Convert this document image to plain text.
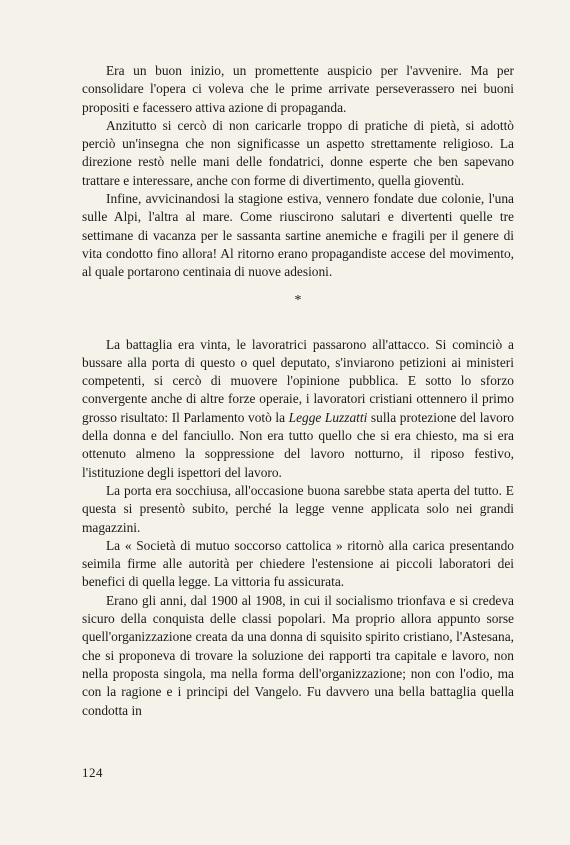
Era un buon inizio, un promettente auspicio per l'avvenire. Ma per consolidare l'opera ci voleva che le prime arrivate perseverassero nei buoni propositi e facessero attiva azione di propaganda.

Anzitutto si cercò di non caricarle troppo di pratiche di pietà, si adottò perciò un'insegna che non significasse un aspetto strettamente religioso. La direzione restò nelle mani delle fondatrici, donne esperte che ben sapevano trattare e interessare, anche con forme di divertimento, quella gioventù.

Infine, avvicinandosi la stagione estiva, vennero fondate due colonie, l'una sulle Alpi, l'altra al mare. Come riuscirono salutari e divertenti quelle tre settimane di vacanza per le sassanta sartine anemiche e fragili per il genere di vita condotto fino allora! Al ritorno erano propagandiste accese del movimento, al quale portarono centinaia di nuove adesioni.

*

La battaglia era vinta, le lavoratrici passarono all'attacco. Si cominciò a bussare alla porta di questo o quel deputato, s'inviarono petizioni ai ministeri competenti, si cercò di muovere l'opinione pubblica. E sotto lo sforzo convergente anche di altre forze operaie, i lavoratori cristiani ottennero il primo grosso risultato: Il Parlamento votò la Legge Luzzatti sulla protezione del lavoro della donna e del fanciullo. Non era tutto quello che si era chiesto, ma si era ottenuto almeno la soppressione del lavoro notturno, il riposo festivo, l'istituzione degli ispettori del lavoro.

La porta era socchiusa, all'occasione buona sarebbe stata aperta del tutto. E questa si presentò subito, perché la legge venne applicata solo nei grandi magazzini.

La « Società di mutuo soccorso cattolica » ritornò alla carica presentando seimila firme alle autorità per chiedere l'estensione ai piccoli laboratori dei benefici di quella legge. La vittoria fu assicurata.

Erano gli anni, dal 1900 al 1908, in cui il socialismo trionfava e si credeva sicuro della conquista delle classi popolari. Ma proprio allora appunto sorse quell'organizzazione creata da una donna di squisito spirito cristiano, l'Astesana, che si proponeva di trovare la soluzione dei rapporti tra capitale e lavoro, non nella proposta singola, ma nella forma dell'organizzazione; non con l'odio, ma con la ragione e i principi del Vangelo. Fu davvero una bella battaglia quella condotta in

124
